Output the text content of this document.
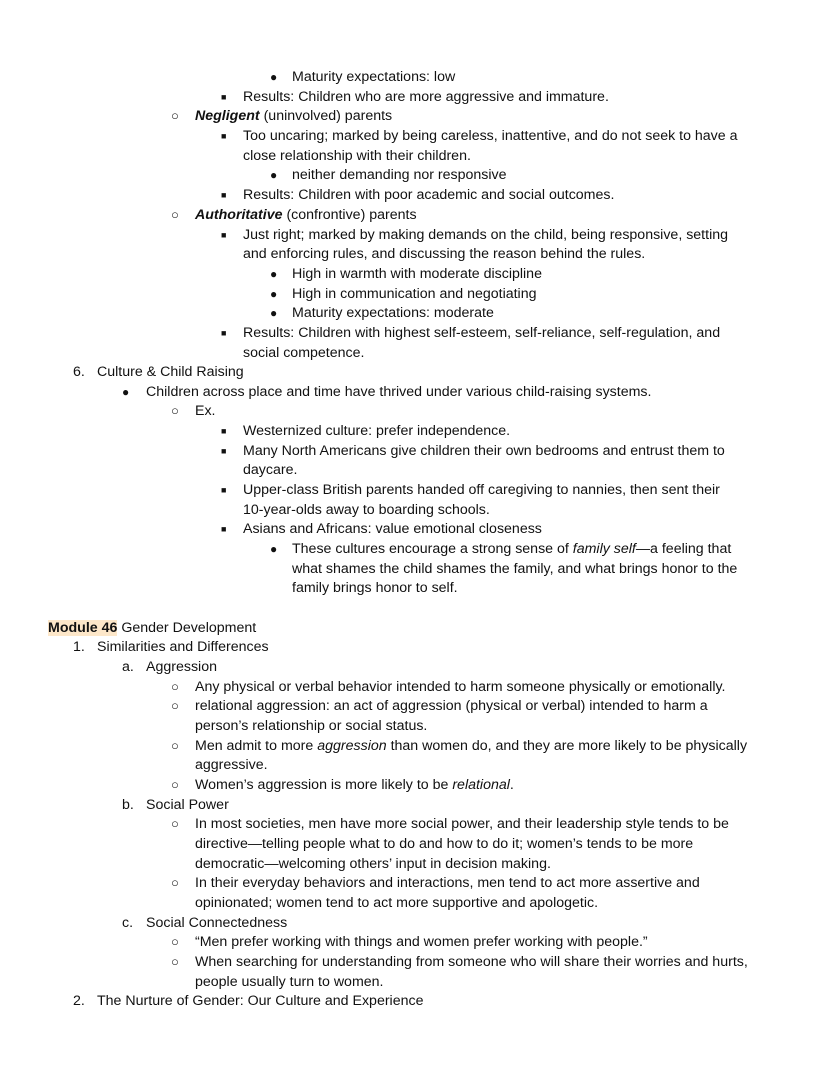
● Maturity expectations: low
■ Results: Children who are more aggressive and immature.
○ Negligent (uninvolved) parents
■ Too uncaring; marked by being careless, inattentive, and do not seek to have a
close relationship with their children.
● neither demanding nor responsive
■ Results: Children with poor academic and social outcomes.
○ Authoritative (confrontive) parents
■ Just right; marked by making demands on the child, being responsive, setting
and enforcing rules, and discussing the reason behind the rules.
● High in warmth with moderate discipline
● High in communication and negotiating
● Maturity expectations: moderate
■ Results: Children with highest self-esteem, self-reliance, self-regulation, and
social competence.
6. Culture & Child Raising
● Children across place and time have thrived under various child-raising systems.
○ Ex.
■ Westernized culture: prefer independence.
■ Many North Americans give children their own bedrooms and entrust them to
daycare.
■ Upper-class British parents handed off caregiving to nannies, then sent their
10-year-olds away to boarding schools.
■ Asians and Africans: value emotional closeness
● These cultures encourage a strong sense of family self—a feeling that
what shames the child shames the family, and what brings honor to the
family brings honor to self.
Module 46 Gender Development
1. Similarities and Differences
a. Aggression
○ Any physical or verbal behavior intended to harm someone physically or emotionally.
○ relational aggression: an act of aggression (physical or verbal) intended to harm a
person’s relationship or social status.
○ Men admit to more aggression than women do, and they are more likely to be physically
aggressive.
○ Women’s aggression is more likely to be relational.
b. Social Power
○ In most societies, men have more social power, and their leadership style tends to be
directive—telling people what to do and how to do it; women’s tends to be more
democratic—welcoming others’ input in decision making.
○ In their everyday behaviors and interactions, men tend to act more assertive and
opinionated; women tend to act more supportive and apologetic.
c. Social Connectedness
○ “Men prefer working with things and women prefer working with people.”
○ When searching for understanding from someone who will share their worries and hurts,
people usually turn to women.
2. The Nurture of Gender: Our Culture and Experience
